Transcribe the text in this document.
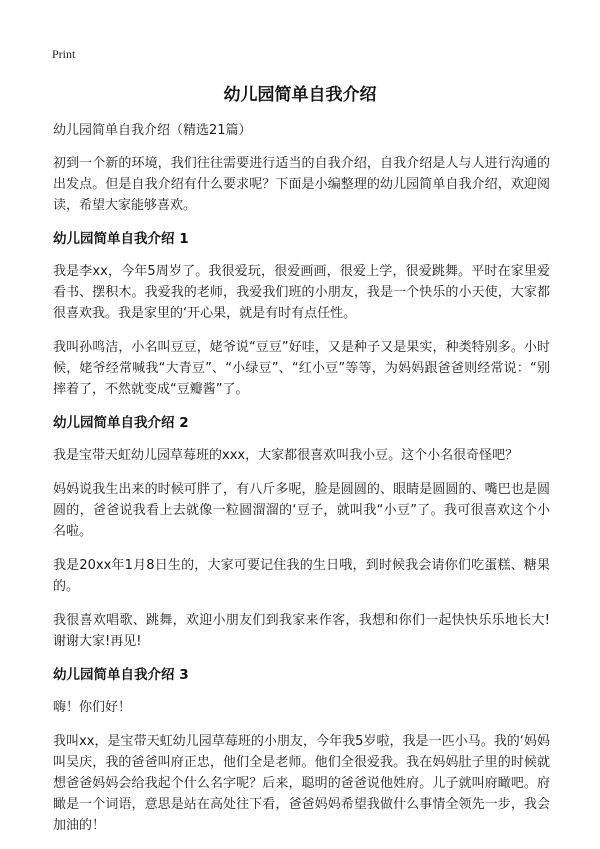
Print
幼儿园简单自我介绍

幼儿园简单自我介绍（精选21篇）

初到一个新的环境，我们往往需要进行适当的自我介绍，自我介绍是人与人进行沟通的出发点。但是自我介绍有什么要求呢？下面是小编整理的幼儿园简单自我介绍，欢迎阅读，希望大家能够喜欢。

幼儿园简单自我介绍 1

我是李xx，今年5周岁了。我很爱玩，很爱画画，很爱上学，很爱跳舞。平时在家里爱看书、摆积木。我爱我的老师，我爱我们班的小朋友，我是一个快乐的小天使，大家都很喜欢我。我是家里的‘开心果，就是有时有点任性。

我叫孙鸣洁，小名叫豆豆，姥爷说“豆豆”好哇，又是种子又是果实，种类特别多。小时候，姥爷经常喊我“大青豆”、“小绿豆”、“红小豆”等等，为妈妈跟爸爸则经常说：“别摔着了，不然就变成“豆瓣酱”了。

幼儿园简单自我介绍 2

我是宝带天虹幼儿园草莓班的xxx，大家都很喜欢叫我小豆。这个小名很奇怪吧？

妈妈说我生出来的时候可胖了，有八斤多呢，脸是圆圆的、眼睛是圆圆的、嘴巴也是圆圆的，爸爸说我看上去就像一粒圆溜溜的‘豆子，就叫我“小豆”了。我可很喜欢这个小名啦。

我是20xx年1月8日生的，大家可要记住我的生日哦，到时候我会请你们吃蛋糕、糖果的。

我很喜欢唱歌、跳舞，欢迎小朋友们到我家来作客，我想和你们一起快快乐乐地长大!谢谢大家!再见!

幼儿园简单自我介绍 3

嗨！你们好！

我叫xx，是宝带天虹幼儿园草莓班的小朋友，今年我5岁啦，我是一匹小马。我的‘妈妈叫吴庆，我的爸爸叫府正忠，他们全是老师。他们全很爱我。我在妈妈肚子里的时候就想爸爸妈妈会给我起个什么名字呢？后来，聪明的爸爸说他姓府。儿子就叫府瞰吧。府瞰是一个词语，意思是站在高处往下看，爸爸妈妈希望我做什么事情全领先一步，我会加油的！
